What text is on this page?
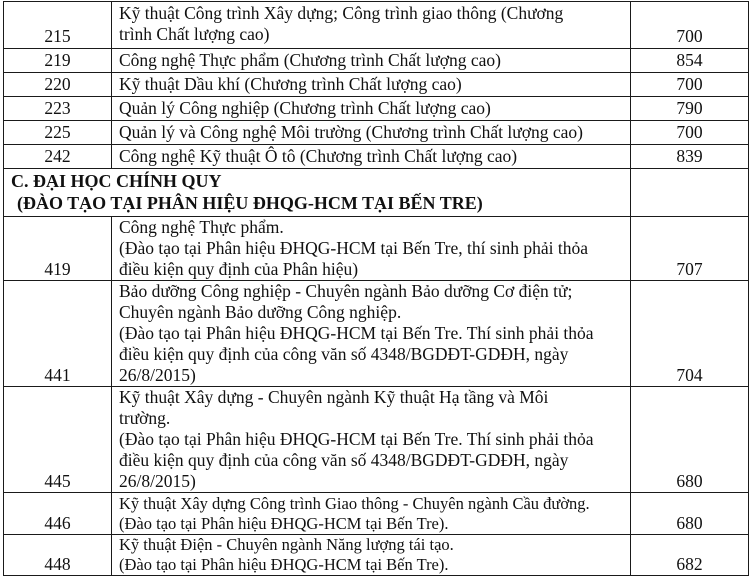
215	Kỹ thuật Công trình Xây dựng; Công trình giao thông (Chương
trình Chất lượng cao)	700
219	Công nghệ Thực phẩm (Chương trình Chất lượng cao)	854
220	Kỹ thuật Dầu khí (Chương trình Chất lượng cao)	700
223	Quản lý Công nghiệp (Chương trình Chất lượng cao)	790
225	Quản lý và Công nghệ Môi trường (Chương trình Chất lượng cao)	700
242	Công nghệ Kỹ thuật Ô tô (Chương trình Chất lượng cao)	839

C. ĐẠI HỌC CHÍNH QUY
(ĐÀO TẠO TẠI PHÂN HIỆU ĐHQG-HCM TẠI BẾN TRE)		

419	Công nghệ Thực phẩm.
(Đào tạo tại Phân hiệu ĐHQG-HCM tại Bến Tre, thí sinh phải thỏa
điều kiện quy định của Phân hiệu)	707
441	Bảo dưỡng Công nghiệp - Chuyên ngành Bảo dưỡng Cơ điện tử;
Chuyên ngành Bảo dưỡng Công nghiệp.
(Đào tạo tại Phân hiệu ĐHQG-HCM tại Bến Tre. Thí sinh phải thỏa
điều kiện quy định của công văn số 4348/BGDĐT-GDĐH, ngày
26/8/2015)	704
445	Kỹ thuật Xây dựng - Chuyên ngành Kỹ thuật Hạ tầng và Môi
trường.
(Đào tạo tại Phân hiệu ĐHQG-HCM tại Bến Tre. Thí sinh phải thỏa
điều kiện quy định của công văn số 4348/BGDĐT-GDĐH, ngày
26/8/2015)	680
446	Kỹ thuật Xây dựng Công trình Giao thông - Chuyên ngành Cầu đường.
(Đào tạo tại Phân hiệu ĐHQG-HCM tại Bến Tre).	680
448	Kỹ thuật Điện - Chuyên ngành Năng lượng tái tạo.
(Đào tạo tại Phân hiệu ĐHQG-HCM tại Bến Tre).	682
